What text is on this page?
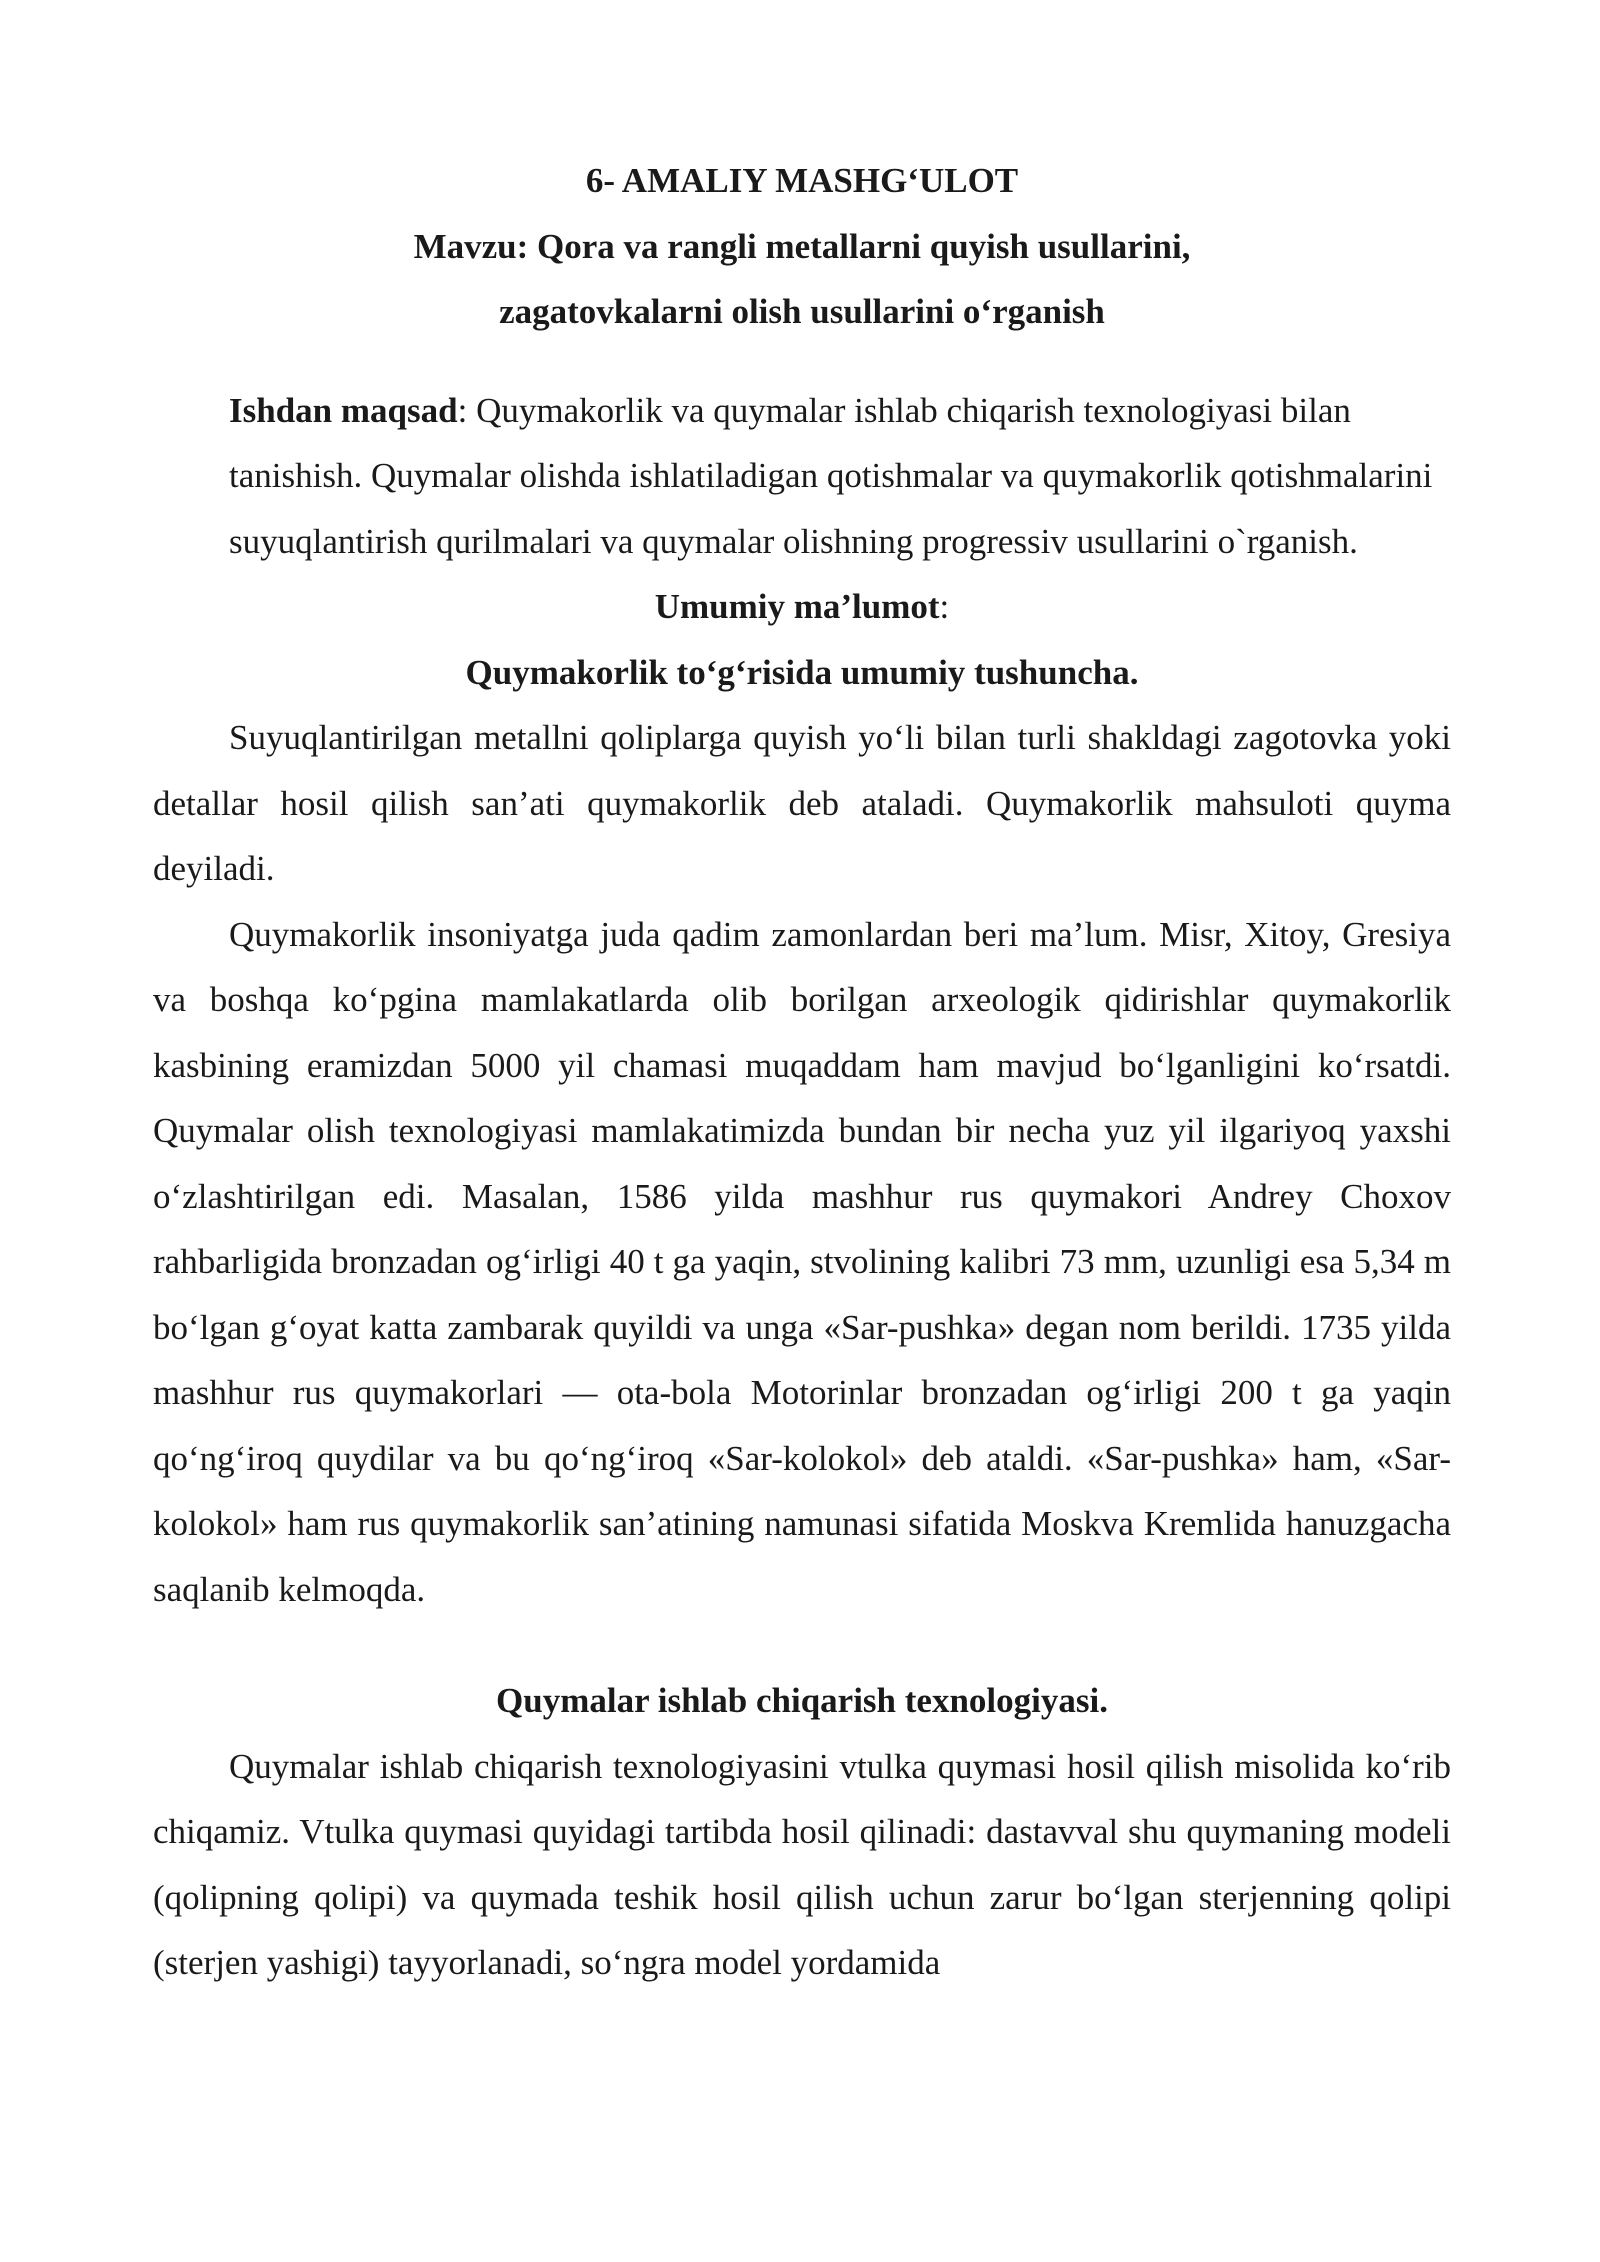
6- AMALIY MASHG‘ULOT

Mavzu: Qora va rangli metallarni quyish usullarini,

zagatovkalarni olish usullarini o‘rganish

Ishdan maqsad: Quymakorlik va quymalar ishlab chiqarish texnologiyasi bilan tanishish. Quymalar olishda ishlatiladigan qotishmalar va quymakorlik qotishmalarini suyuqlantirish qurilmalari va quymalar olishning progressiv usullarini o`rganish.

Umumiy ma’lumot:

Quymakorlik to‘g‘risida umumiy tushuncha.

Suyuqlantirilgan metallni qoliplarga quyish yo‘li bilan turli shakldagi zagotovka yoki detallar hosil qilish san’ati quymakorlik deb ataladi. Quymakorlik mahsuloti quyma deyiladi.

Quymakorlik insoniyatga juda qadim zamonlardan beri ma’lum. Misr, Xitoy, Gresiya va boshqa ko‘pgina mamlakatlarda olib borilgan arxeologik qidirishlar quymakorlik kasbining eramizdan 5000 yil chamasi muqaddam ham mavjud bo‘lganligini ko‘rsatdi. Quymalar olish texnologiyasi mamlakatimizda bundan bir necha yuz yil ilgariyoq yaxshi o‘zlashtirilgan edi. Masalan, 1586 yilda mashhur rus quymakori Andrey Choxov rahbarligida bronzadan og‘irligi 40 t ga yaqin, stvolining kalibri 73 mm, uzunligi esa 5,34 m bo‘lgan g‘oyat katta zambarak quyildi va unga «Sar-pushka» degan nom berildi. 1735 yilda mashhur rus quymakorlari — ota-bola Motorinlar bronzadan og‘irligi 200 t ga yaqin qo‘ng‘iroq quydilar va bu qo‘ng‘iroq «Sar-kolokol» deb ataldi. «Sar-pushka» ham, «Sar-kolokol» ham rus quymakorlik san’atining namunasi sifatida Moskva Kremlida hanuzgacha saqlanib kelmoqda.

Quymalar ishlab chiqarish texnologiyasi.

Quymalar ishlab chiqarish texnologiyasini vtulka quymasi hosil qilish misolida ko‘rib chiqamiz. Vtulka quymasi quyidagi tartibda hosil qilinadi: dastavval shu quymaning modeli (qolipning qolipi) va quymada teshik hosil qilish uchun zarur bo‘lgan sterjenning qolipi (sterjen yashigi) tayyorlanadi, so‘ngra model yordamida
